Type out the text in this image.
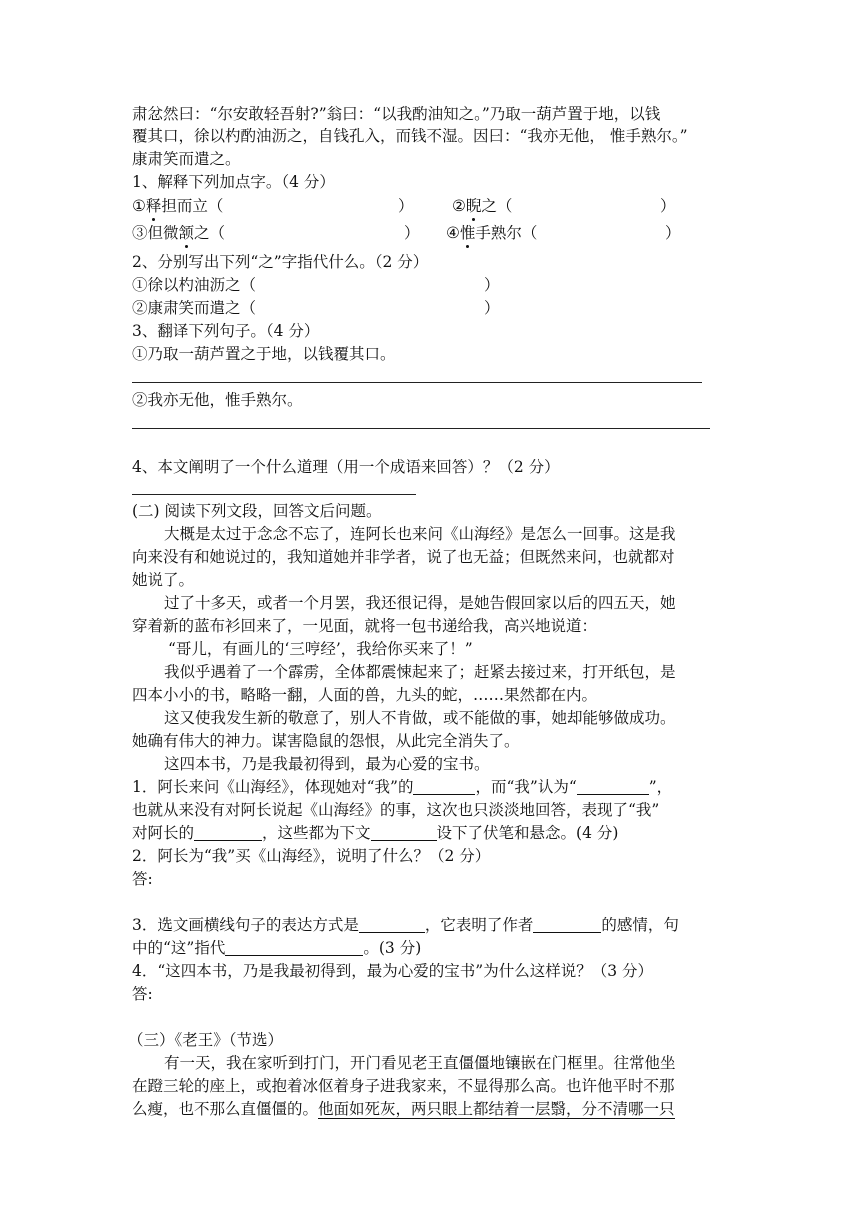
肃忿然曰：“尔安敢轻吾射?”翁曰：“以我酌油知之。”乃取一葫芦置于地，以钱
覆其口，徐以杓酌油沥之，自钱孔入，而钱不湿。因曰：“我亦无他， 惟手熟尔。”
康肃笑而遣之。
1、解释下列加点字。（4 分）
①释担而立（	） ②睨之（	）
③但微颔之（	） ④惟手熟尔（	）
2、分别写出下列“之”字指代什么。（2 分）
①徐以杓油沥之（	）
②康肃笑而遣之（	）
3、翻译下列句子。（4 分）
①乃取一葫芦置之于地，以钱覆其口。
②我亦无他，惟手熟尔。
4、本文阐明了一个什么道理（用一个成语来回答）？（2 分）
(二) 阅读下列文段，回答文后问题。
大概是太过于念念不忘了，连阿长也来问《山海经》是怎么一回事。这是我
向来没有和她说过的，我知道她并非学者，说了也无益；但既然来问，也就都对
她说了。
过了十多天，或者一个月罢，我还很记得，是她告假回家以后的四五天，她
穿着新的蓝布衫回来了，一见面，就将一包书递给我，高兴地说道：
“哥儿，有画儿的‘三哼经’，我给你买来了！”
我似乎遇着了一个霹雳，全体都震悚起来了；赶紧去接过来，打开纸包，是
四本小小的书，略略一翻，人面的兽，九头的蛇，……果然都在内。
这又使我发生新的敬意了，别人不肯做，或不能做的事，她却能够做成功。
她确有伟大的神力。谋害隐鼠的怨恨，从此完全消失了。
这四本书，乃是我最初得到，最为心爱的宝书。
1．阿长来问《山海经》，体现她对“我”的	，而“我”认为“	”，
也就从来没有对阿长说起《山海经》的事，这次也只淡淡地回答，表现了“我”
对阿长的	，这些都为下文	设下了伏笔和悬念。(4 分)
2．阿长为“我”买《山海经》，说明了什么？（2 分）
答:
3．选文画横线句子的表达方式是	，它表明了作者	的感情，句
中的“这”指代	。(3 分)
4．“这四本书，乃是我最初得到，最为心爱的宝书”为什么这样说？（3 分）
答:
（三）《老王》（节选）
有一天，我在家听到打门，开门看见老王直僵僵地镶嵌在门框里。往常他坐
在蹬三轮的座上，或抱着冰伛着身子进我家来，不显得那么高。也许他平时不那
么瘦，也不那么直僵僵的。他面如死灰，两只眼上都结着一层翳，分不清哪一只
